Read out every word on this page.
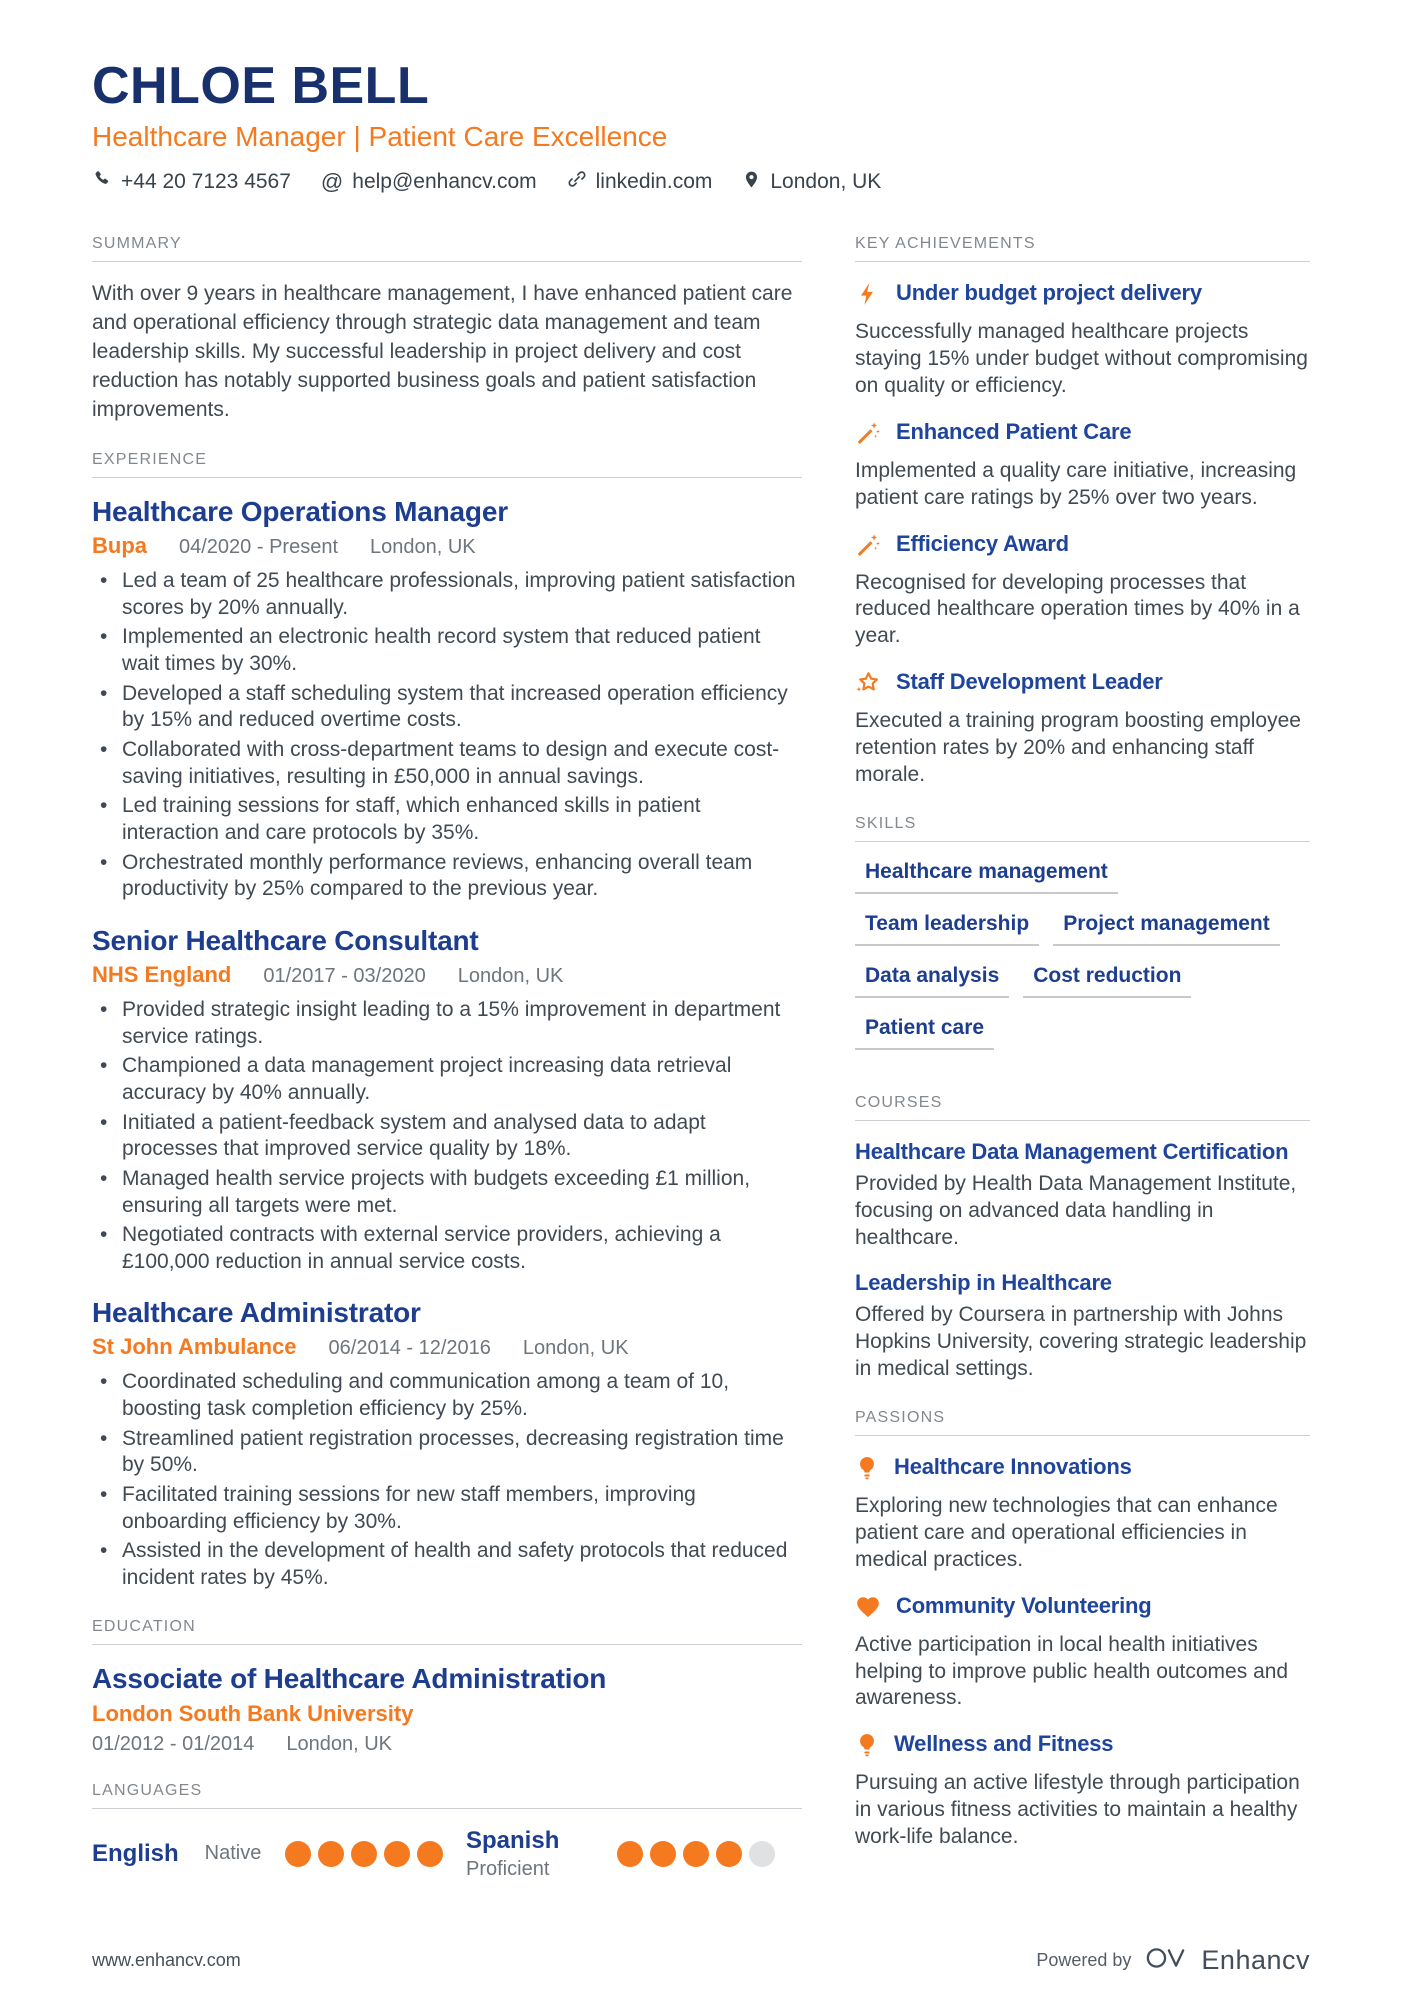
CHLOE BELL
Healthcare Manager | Patient Care Excellence
+44 20 7123 4567 @ help@enhancv.com	linkedin.com	London, UK
SUMMARY
With over 9 years in healthcare management, I have enhanced patient care and operational efficiency through strategic data management and team leadership skills. My successful leadership in project delivery and cost reduction has notably supported business goals and patient satisfaction improvements.
EXPERIENCE
Healthcare Operations Manager
Bupa 04/2020 - Present London, UK
• Led a team of 25 healthcare professionals, improving patient satisfaction scores by 20% annually.
• Implemented an electronic health record system that reduced patient wait times by 30%.
• Developed a staff scheduling system that increased operation efficiency by 15% and reduced overtime costs.
• Collaborated with cross-department teams to design and execute cost-saving initiatives, resulting in £50,000 in annual savings.
• Led training sessions for staff, which enhanced skills in patient interaction and care protocols by 35%.
• Orchestrated monthly performance reviews, enhancing overall team productivity by 25% compared to the previous year.
Senior Healthcare Consultant
NHS England 01/2017 - 03/2020 London, UK
• Provided strategic insight leading to a 15% improvement in department service ratings.
• Championed a data management project increasing data retrieval accuracy by 40% annually.
• Initiated a patient-feedback system and analysed data to adapt processes that improved service quality by 18%.
• Managed health service projects with budgets exceeding £1 million, ensuring all targets were met.
• Negotiated contracts with external service providers, achieving a £100,000 reduction in annual service costs.
Healthcare Administrator
St John Ambulance 06/2014 - 12/2016 London, UK
• Coordinated scheduling and communication among a team of 10, boosting task completion efficiency by 25%.
• Streamlined patient registration processes, decreasing registration time by 50%.
• Facilitated training sessions for new staff members, improving onboarding efficiency by 30%.
• Assisted in the development of health and safety protocols that reduced incident rates by 45%.
EDUCATION
Associate of Healthcare Administration
London South Bank University
01/2012 - 01/2014 London, UK
LANGUAGES
English Native	Spanish
Proficient
KEY ACHIEVEMENTS
Under budget project delivery
Successfully managed healthcare projects staying 15% under budget without compromising on quality or efficiency.
Enhanced Patient Care
Implemented a quality care initiative, increasing patient care ratings by 25% over two years.
Efficiency Award
Recognised for developing processes that reduced healthcare operation times by 40% in a year.
Staff Development Leader
Executed a training program boosting employee retention rates by 20% and enhancing staff morale.
SKILLS
Healthcare management
Team leadership	Project management
Data analysis	Cost reduction
Patient care
COURSES
Healthcare Data Management Certification
Provided by Health Data Management Institute, focusing on advanced data handling in healthcare.
Leadership in Healthcare
Offered by Coursera in partnership with Johns Hopkins University, covering strategic leadership in medical settings.
PASSIONS
Healthcare Innovations
Exploring new technologies that can enhance patient care and operational efficiencies in medical practices.
Community Volunteering
Active participation in local health initiatives helping to improve public health outcomes and awareness.
Wellness and Fitness
Pursuing an active lifestyle through participation in various fitness activities to maintain a healthy work-life balance.
www.enhancv.com	Powered by	Enhancv
